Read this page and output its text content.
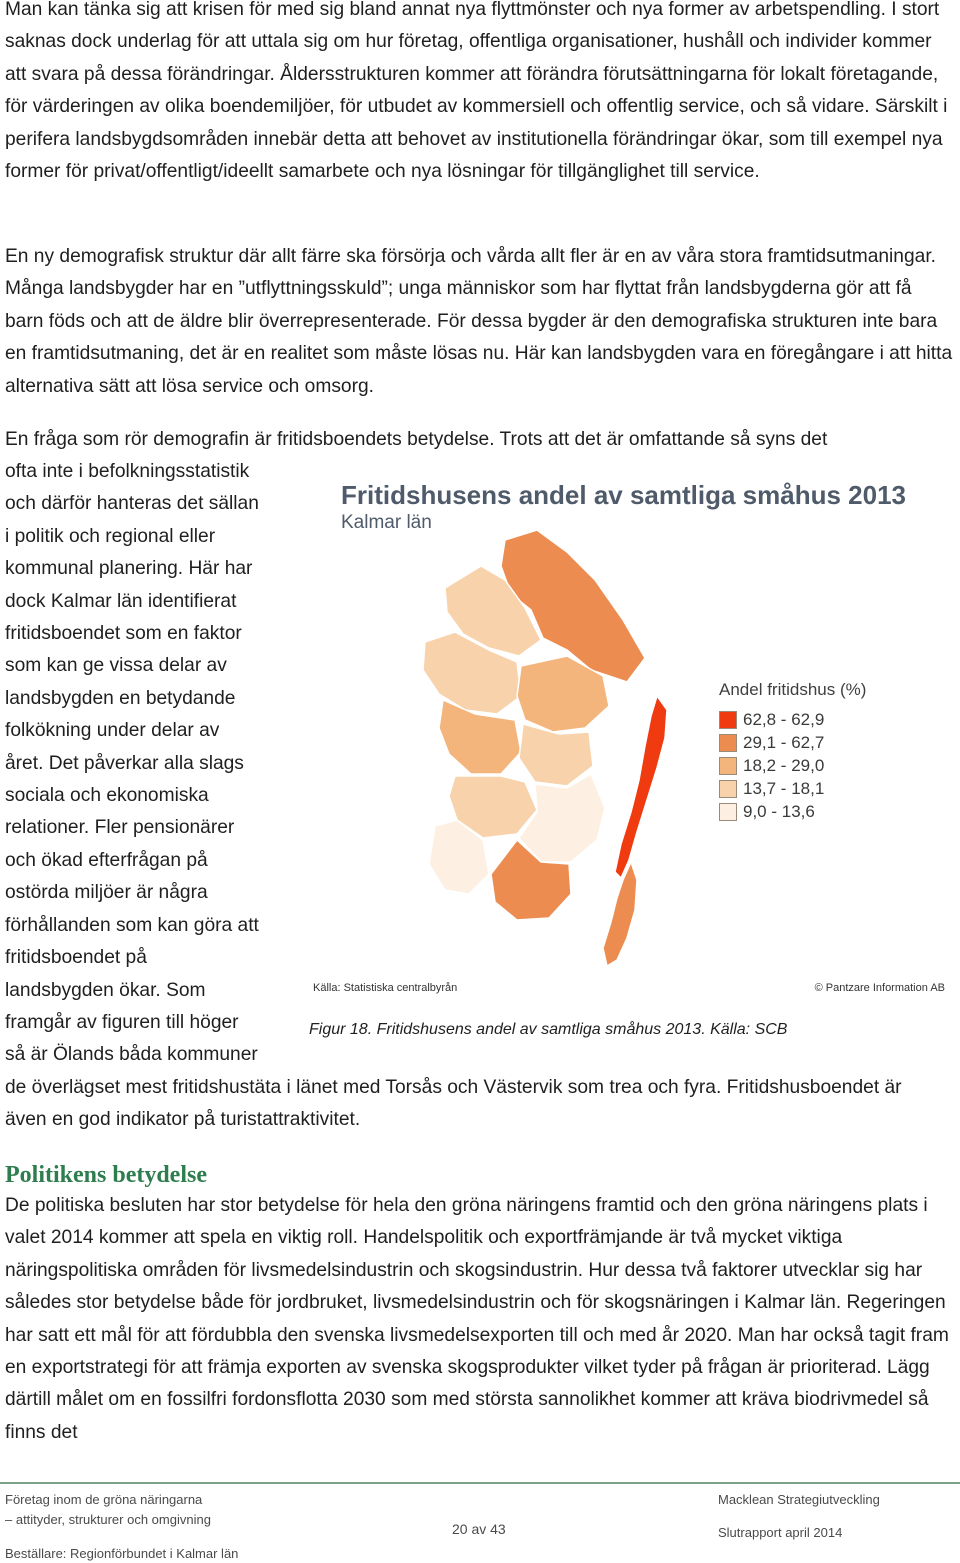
Man kan tänka sig att krisen för med sig bland annat nya flyttmönster och nya former av arbetspendling. I stort saknas dock underlag för att uttala sig om hur företag, offentliga organisationer, hushåll och individer kommer att svara på dessa förändringar. Åldersstrukturen kommer att förändra förutsättningarna för lokalt företagande, för värderingen av olika boendemiljöer, för utbudet av kommersiell och offentlig service, och så vidare. Särskilt i perifera landsbygdsområden innebär detta att behovet av institutionella förändringar ökar, som till exempel nya former för privat/offentligt/ideellt samarbete och nya lösningar för tillgänglighet till service.

En ny demografisk struktur där allt färre ska försörja och vårda allt fler är en av våra stora framtidsutmaningar. Många landsbygder har en ”utflyttningsskuld”; unga människor som har flyttat från landsbygderna gör att få barn föds och att de äldre blir överrepresenterade. För dessa bygder är den demografiska strukturen inte bara en framtidsutmaning, det är en realitet som måste lösas nu. Här kan landsbygden vara en föregångare i att hitta alternativa sätt att lösa service och omsorg.

En fråga som rör demografin är fritidsboendets betydelse. Trots att det är omfattande så syns det

ofta inte i befolkningsstatistik
och därför hanteras det sällan
i politik och regional eller
kommunal planering. Här har
dock Kalmar län identifierat
fritidsboendet som en faktor
som kan ge vissa delar av
landsbygden en betydande
folkökning under delar av
året. Det påverkar alla slags
sociala och ekonomiska
relationer. Fler pensionärer
och ökad efterfrågan på
ostörda miljöer är några
förhållanden som kan göra att
fritidsboendet på
landsbygden ökar. Som
framgår av figuren till höger
så är Ölands båda kommuner

de överlägset mest fritidshustäta i länet med Torsås och Västervik som trea och fyra. Fritidshusboendet är även en god indikator på turistattraktivitet.

Fritidshusens andel av samtliga småhus 2013
Kalmar län
Andel fritidshus (%)
62,8 - 62,9
29,1 - 62,7
18,2 - 29,0
13,7 - 18,1
9,0 - 13,6
Källa: Statistiska centralbyrån	© Pantzare Information AB

Figur 18. Fritidshusens andel av samtliga småhus 2013. Källa: SCB

Politikens betydelse

De politiska besluten har stor betydelse för hela den gröna näringens framtid och den gröna näringens plats i valet 2014 kommer att spela en viktig roll. Handelspolitik och exportfrämjande är två mycket viktiga näringspolitiska områden för livsmedelsindustrin och skogsindustrin. Hur dessa två faktorer utvecklar sig har således stor betydelse både för jordbruket, livsmedelsindustrin och för skogsnäringen i Kalmar län. Regeringen har satt ett mål för att fördubbla den svenska livsmedelsexporten till och med år 2020. Man har också tagit fram en exportstrategi för att främja exporten av svenska skogsprodukter vilket tyder på frågan är prioriterad. Lägg därtill målet om en fossilfri fordonsflotta 2030 som med största sannolikhet kommer att kräva biodrivmedel så finns det

Företag inom de gröna näringarna
– attityder, strukturer och omgivning
Beställare: Regionförbundet i Kalmar län
20 av 43
Macklean Strategiutveckling
Slutrapport april 2014
